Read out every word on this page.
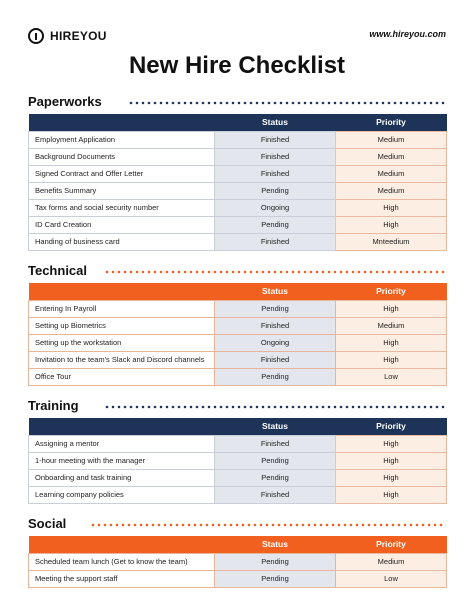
HIREYOU	www.hireyou.com
New Hire Checklist
Paperworks
	Status	Priority
Employment Application	Finished	Medium
Background Documents	Finished	Medium
Signed Contract and Offer Letter	Finished	Medium
Benefits Summary	Pending	Medium
Tax forms and social security number	Ongoing	High
ID Card Creation	Pending	High
Handing of business card	Finished	Mnteedium
Technical
	Status	Priority
Entering In Payroll	Pending	High
Setting up Biometrics	Finished	Medium
Setting up the workstation	Ongoing	High
Invitation to the team's Slack and Discord channels	Finished	High
Office Tour	Pending	Low
Training
	Status	Priority
Assigning a mentor	Finished	High
1-hour meeting with the manager	Pending	High
Onboarding and task training	Pending	High
Learning company policies	Finished	High
Social
	Status	Priority
Scheduled team lunch (Get to know the team)	Pending	Medium
Meeting the support staff	Pending	Low
